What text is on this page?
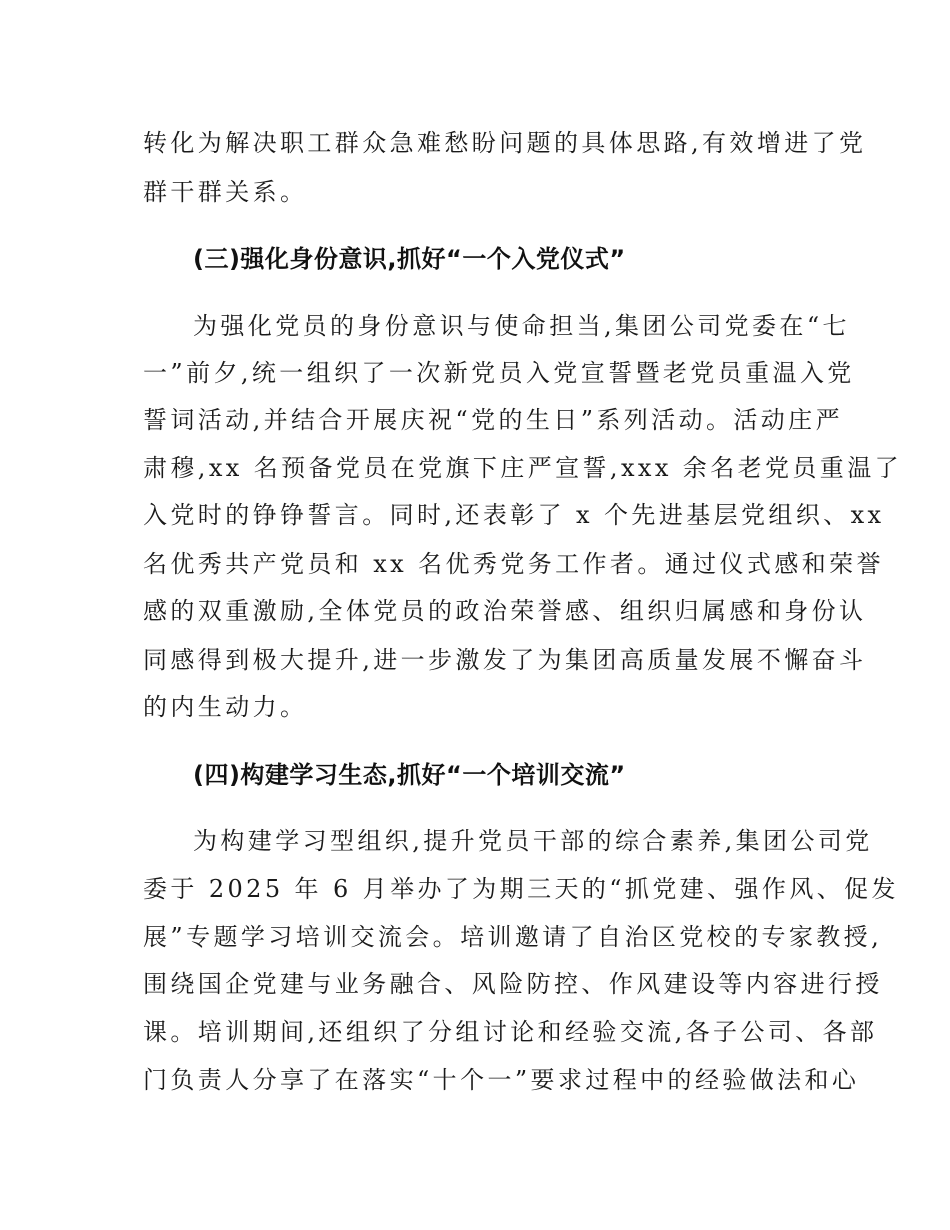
转化为解决职工群众急难愁盼问题的具体思路,有效增进了党
群干群关系。
(三)强化身份意识,抓好“一个入党仪式”
为强化党员的身份意识与使命担当,集团公司党委在“七
一”前夕,统一组织了一次新党员入党宣誓暨老党员重温入党
誓词活动,并结合开展庆祝“党的生日”系列活动。活动庄严
肃穆,xx 名预备党员在党旗下庄严宣誓,xxx 余名老党员重温了
入党时的铮铮誓言。同时,还表彰了 x 个先进基层党组织、xx
名优秀共产党员和 xx 名优秀党务工作者。通过仪式感和荣誉
感的双重激励,全体党员的政治荣誉感、组织归属感和身份认
同感得到极大提升,进一步激发了为集团高质量发展不懈奋斗
的内生动力。
(四)构建学习生态,抓好“一个培训交流”
为构建学习型组织,提升党员干部的综合素养,集团公司党
委于 2025 年 6 月举办了为期三天的“抓党建、强作风、促发
展”专题学习培训交流会。培训邀请了自治区党校的专家教授,
围绕国企党建与业务融合、风险防控、作风建设等内容进行授
课。培训期间,还组织了分组讨论和经验交流,各子公司、各部
门负责人分享了在落实“十个一”要求过程中的经验做法和心
